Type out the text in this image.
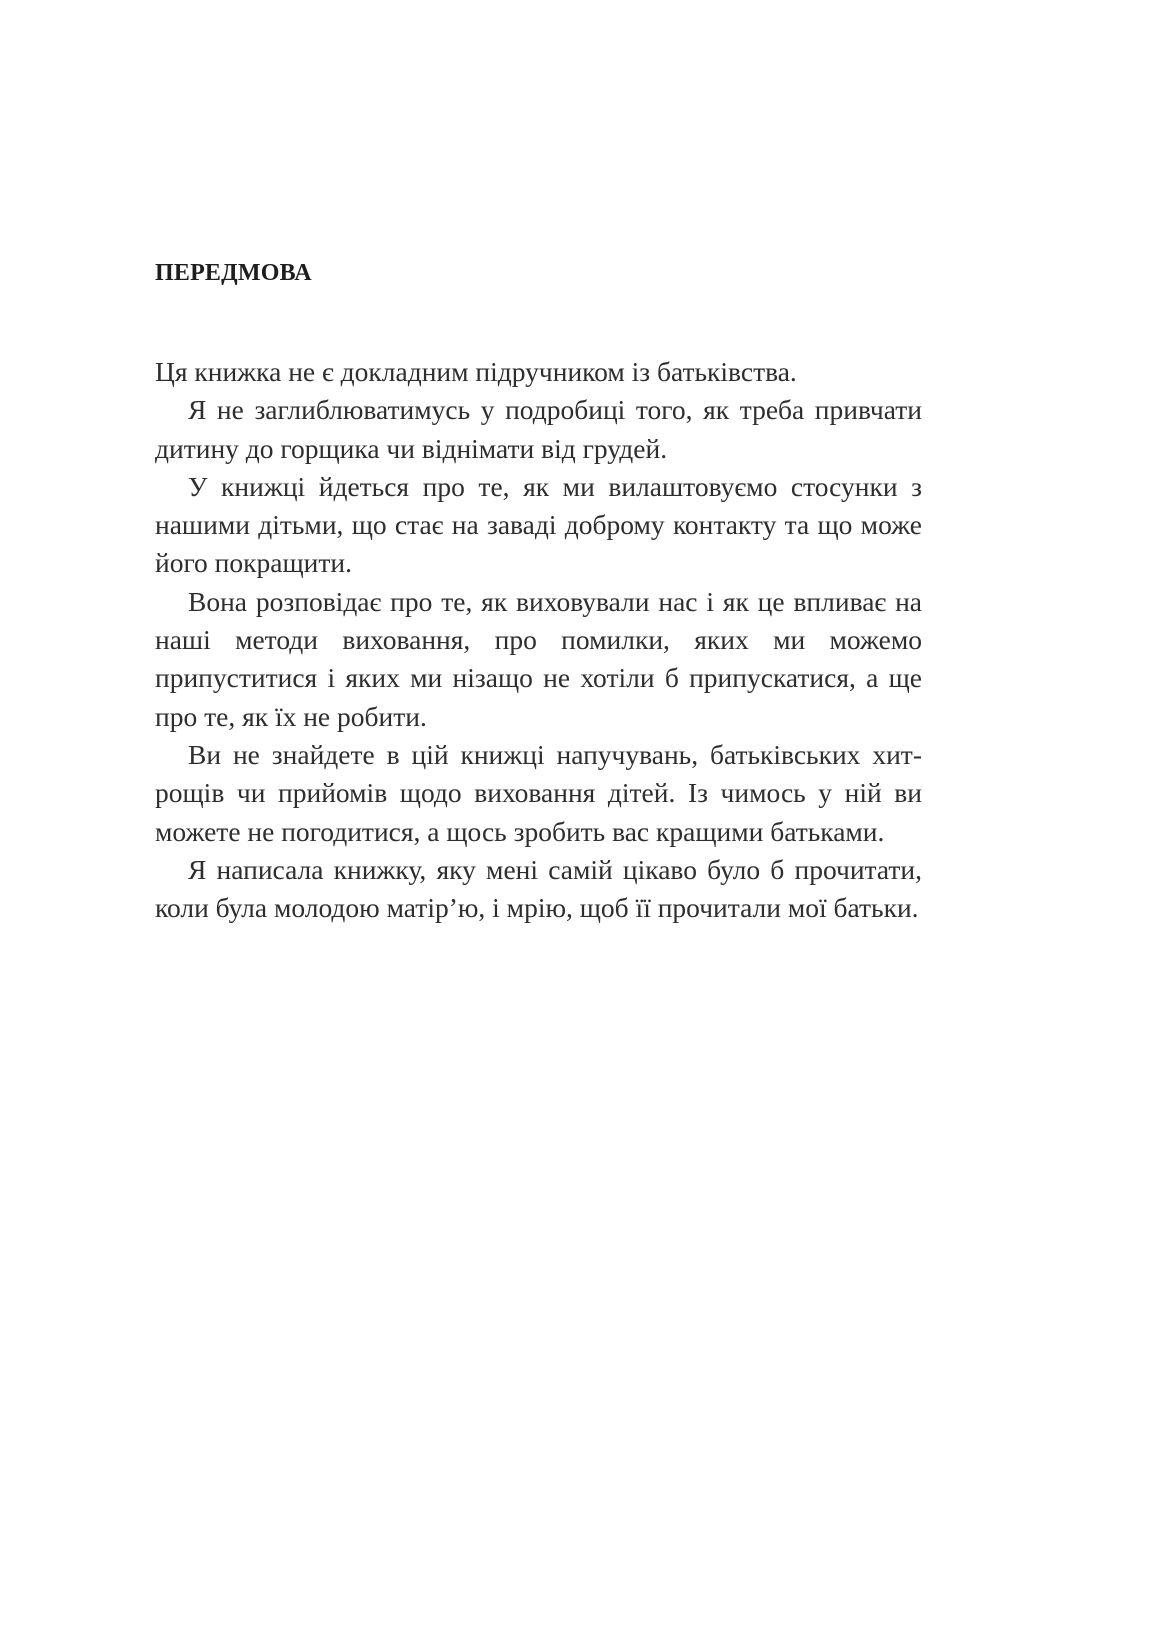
ПЕРЕДМОВА

Ця книжка не є докладним підручником із батьківства.

Я не заглиблюватимусь у подробиці того, як треба привчати дитину до горщика чи віднімати від грудей.

У книжці йдеться про те, як ми вилаштовуємо стосунки з нашими дітьми, що стає на заваді доброму контакту та що може його покращити.

Вона розповідає про те, як виховували нас і як це впливає на наші методи виховання, про помилки, яких ми можемо припуститися і яких ми нізащо не хотіли б припускатися, а ще про те, як їх не робити.

Ви не знайдете в цій книжці напучувань, батьківських хитрощів чи прийомів щодо виховання дітей. Із чимось у ній ви можете не погодитися, а щось зробить вас кращими батьками.

Я написала книжку, яку мені самій цікаво було б прочитати, коли була молодою матір’ю, і мрію, щоб її прочитали мої батьки.
